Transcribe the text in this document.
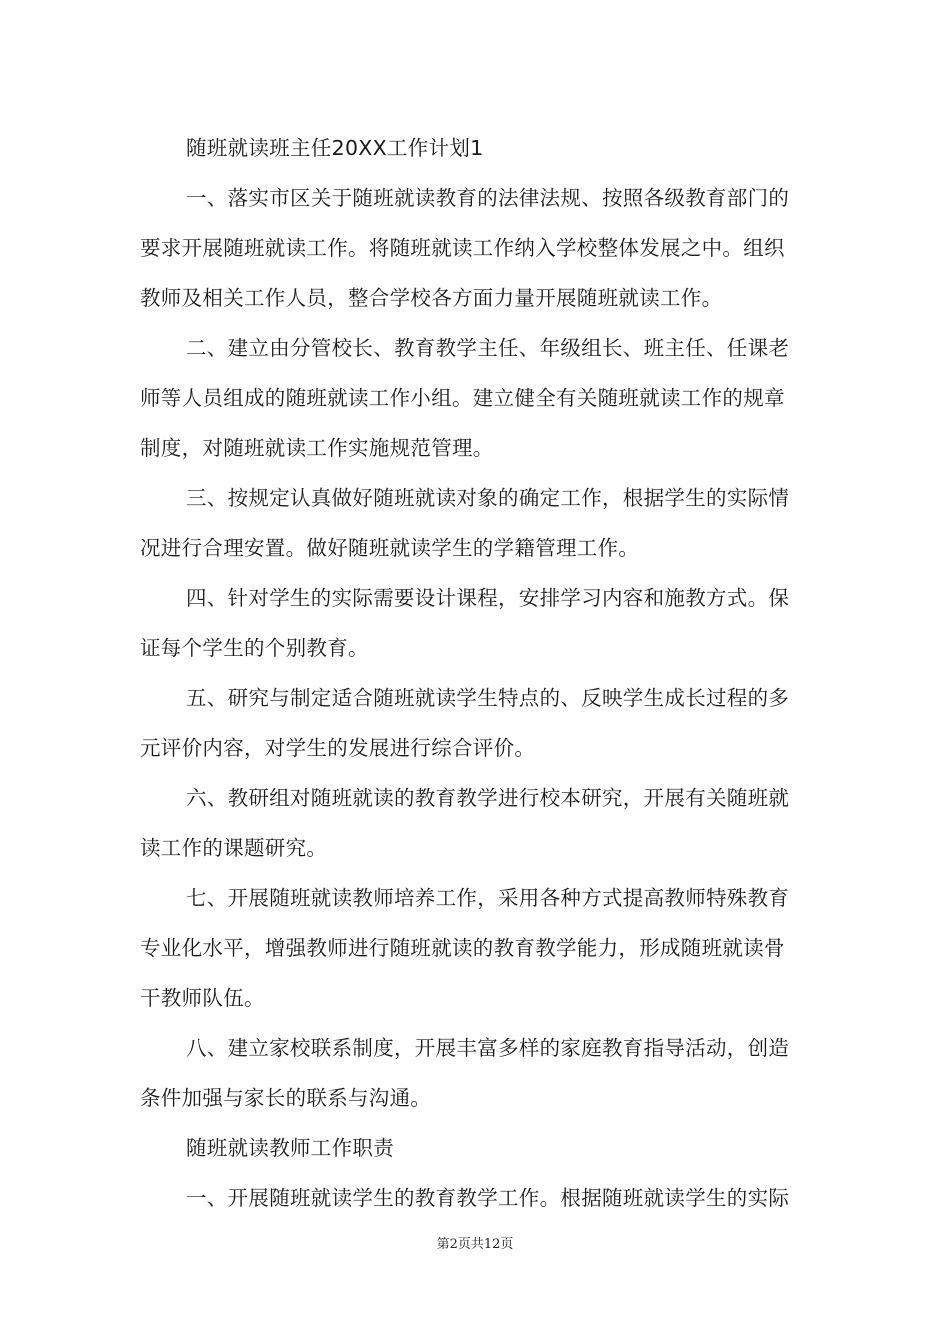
随班就读班主任20XX工作计划1

一、落实市区关于随班就读教育的法律法规、按照各级教育部门的

要求开展随班就读工作。将随班就读工作纳入学校整体发展之中。组织

教师及相关工作人员，整合学校各方面力量开展随班就读工作。

二、建立由分管校长、教育教学主任、年级组长、班主任、任课老

师等人员组成的随班就读工作小组。建立健全有关随班就读工作的规章

制度，对随班就读工作实施规范管理。

三、按规定认真做好随班就读对象的确定工作，根据学生的实际情

况进行合理安置。做好随班就读学生的学籍管理工作。

四、针对学生的实际需要设计课程，安排学习内容和施教方式。保

证每个学生的个别教育。

五、研究与制定适合随班就读学生特点的、反映学生成长过程的多

元评价内容，对学生的发展进行综合评价。

六、教研组对随班就读的教育教学进行校本研究，开展有关随班就

读工作的课题研究。

七、开展随班就读教师培养工作，采用各种方式提高教师特殊教育

专业化水平，增强教师进行随班就读的教育教学能力，形成随班就读骨

干教师队伍。

八、建立家校联系制度，开展丰富多样的家庭教育指导活动，创造

条件加强与家长的联系与沟通。

随班就读教师工作职责

一、开展随班就读学生的教育教学工作。根据随班就读学生的实际

第2页共12页
